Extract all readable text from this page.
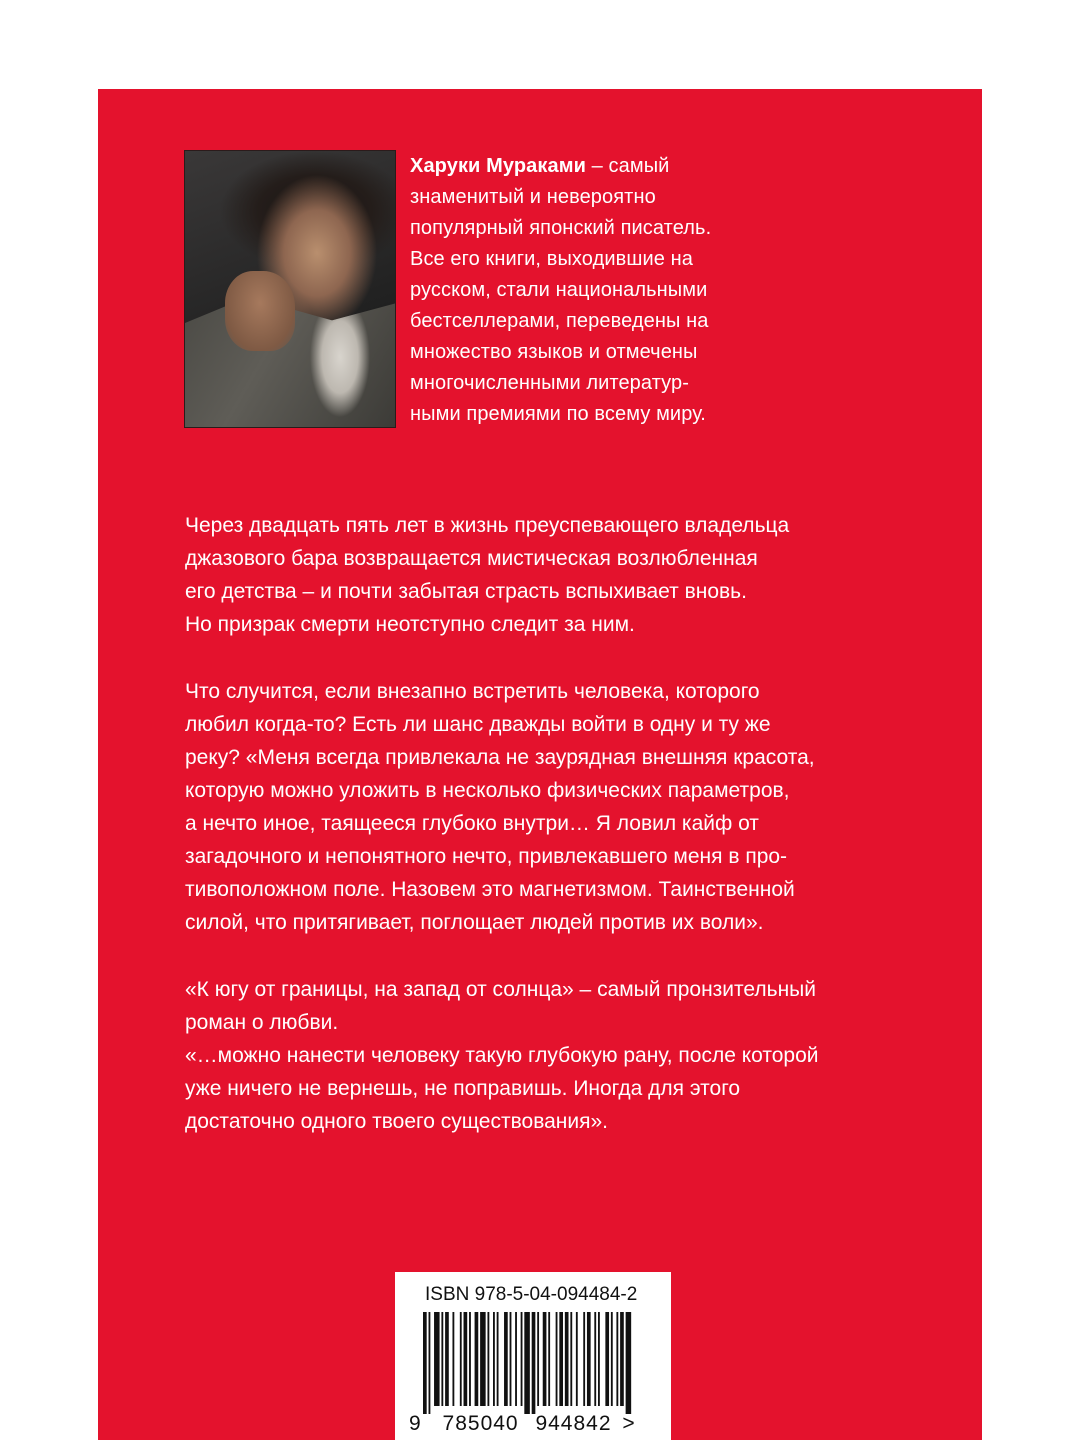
Харуки Мураками – самый
знаменитый и невероятно
популярный японский писатель.
Все его книги, выходившие на
русском, стали национальными
бестселлерами, переведены на
множество языков и отмечены
многочисленными литератур-
ными премиями по всему миру.
Через двадцать пять лет в жизнь преуспевающего владельца
джазового бара возвращается мистическая возлюбленная
его детства – и почти забытая страсть вспыхивает вновь.
Но призрак смерти неотступно следит за ним.
Что случится, если внезапно встретить человека, которого
любил когда-то? Есть ли шанс дважды войти в одну и ту же
реку? «Меня всегда привлекала не заурядная внешняя красота,
которую можно уложить в несколько физических параметров,
а нечто иное, таящееся глубоко внутри… Я ловил кайф от
загадочного и непонятного нечто, привлекавшего меня в про-
тивоположном поле. Назовем это магнетизмом. Таинственной
силой, что притягивает, поглощает людей против их воли».
«К югу от границы, на запад от солнца» – самый пронзительный
роман о любви.
«…можно нанести человеку такую глубокую рану, после которой
уже ничего не вернешь, не поправишь. Иногда для этого
достаточно одного твоего существования».
ISBN 978-5-04-094484-2
9 785040 944842 >
